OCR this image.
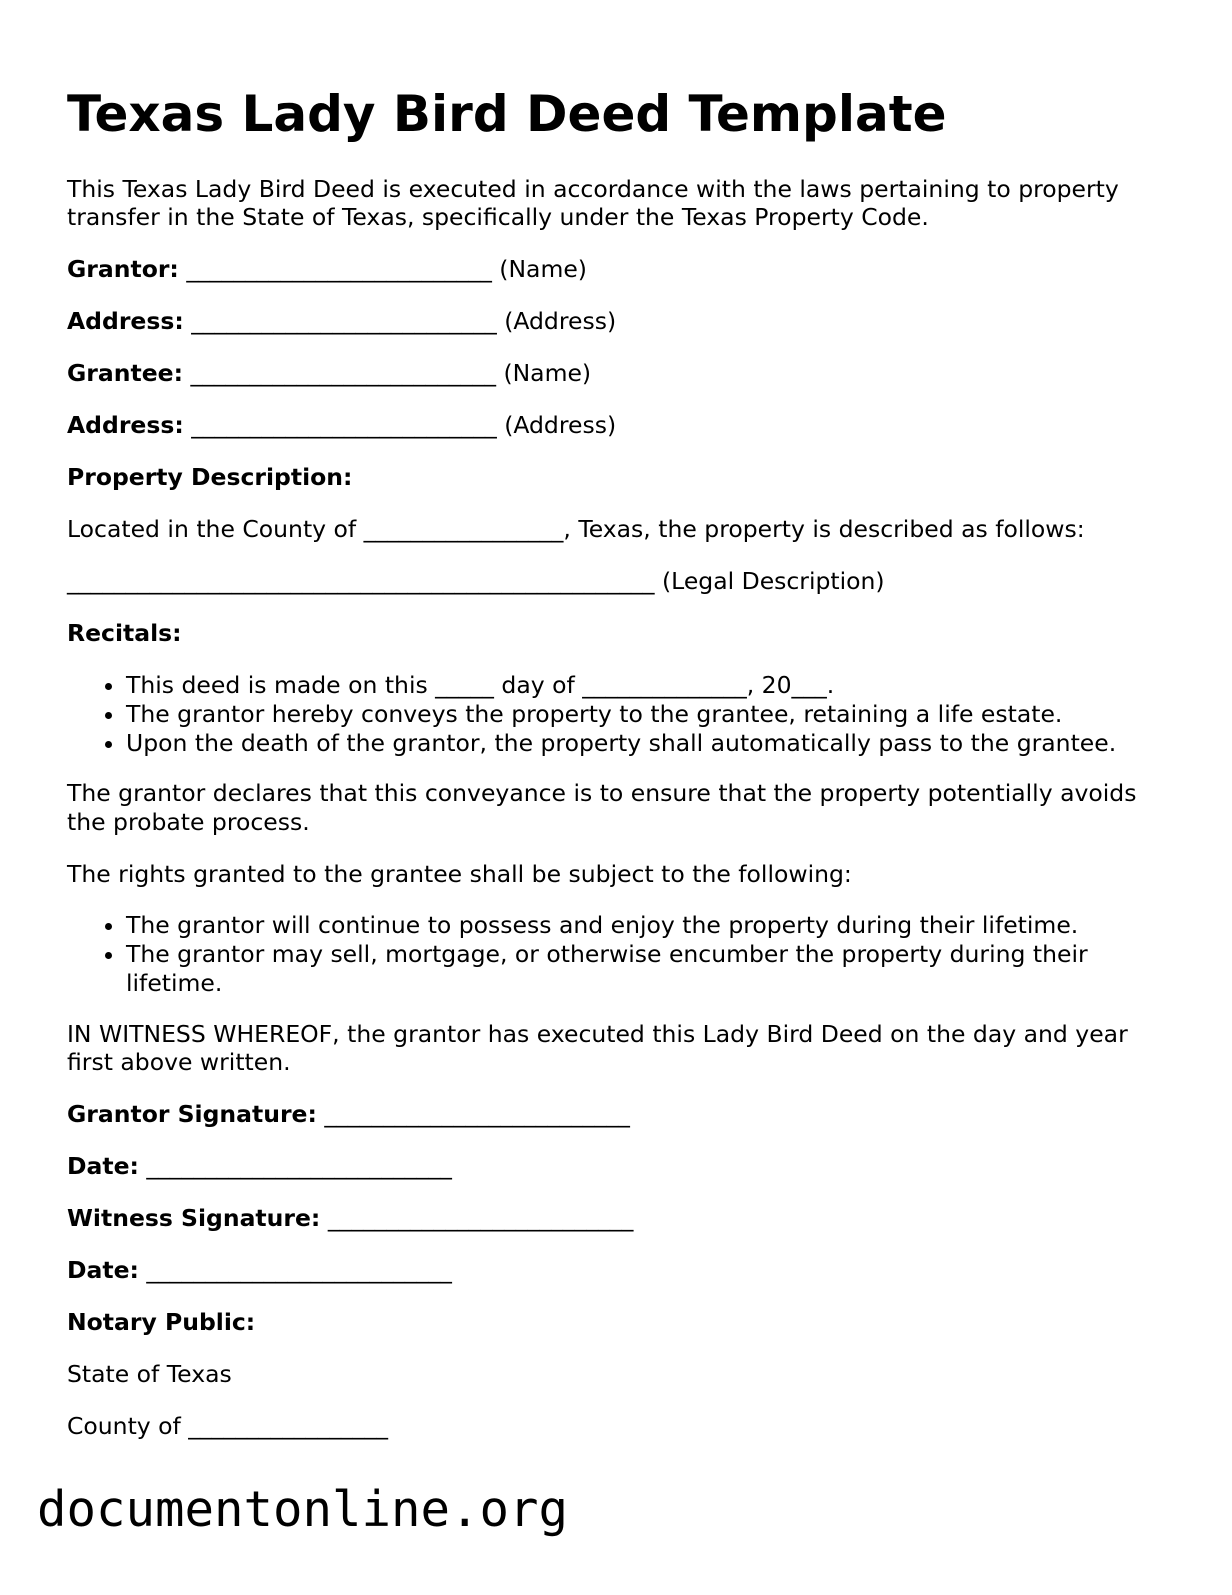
Texas Lady Bird Deed Template
This Texas Lady Bird Deed is executed in accordance with the laws pertaining to property
transfer in the State of Texas, specifically under the Texas Property Code.
Grantor: __________________________ (Name)
Address: __________________________ (Address)
Grantee: __________________________ (Name)
Address: __________________________ (Address)
Property Description:
Located in the County of _________________, Texas, the property is described as follows:
__________________________________________________ (Legal Description)
Recitals:
• This deed is made on this _____ day of ______________, 20___.
• The grantor hereby conveys the property to the grantee, retaining a life estate.
• Upon the death of the grantor, the property shall automatically pass to the grantee.
The grantor declares that this conveyance is to ensure that the property potentially avoids
the probate process.
The rights granted to the grantee shall be subject to the following:
• The grantor will continue to possess and enjoy the property during their lifetime.
• The grantor may sell, mortgage, or otherwise encumber the property during their
lifetime.
IN WITNESS WHEREOF, the grantor has executed this Lady Bird Deed on the day and year
first above written.
Grantor Signature: __________________________
Date: __________________________
Witness Signature: __________________________
Date: __________________________
Notary Public:
State of Texas
County of _________________
documentonline.org
